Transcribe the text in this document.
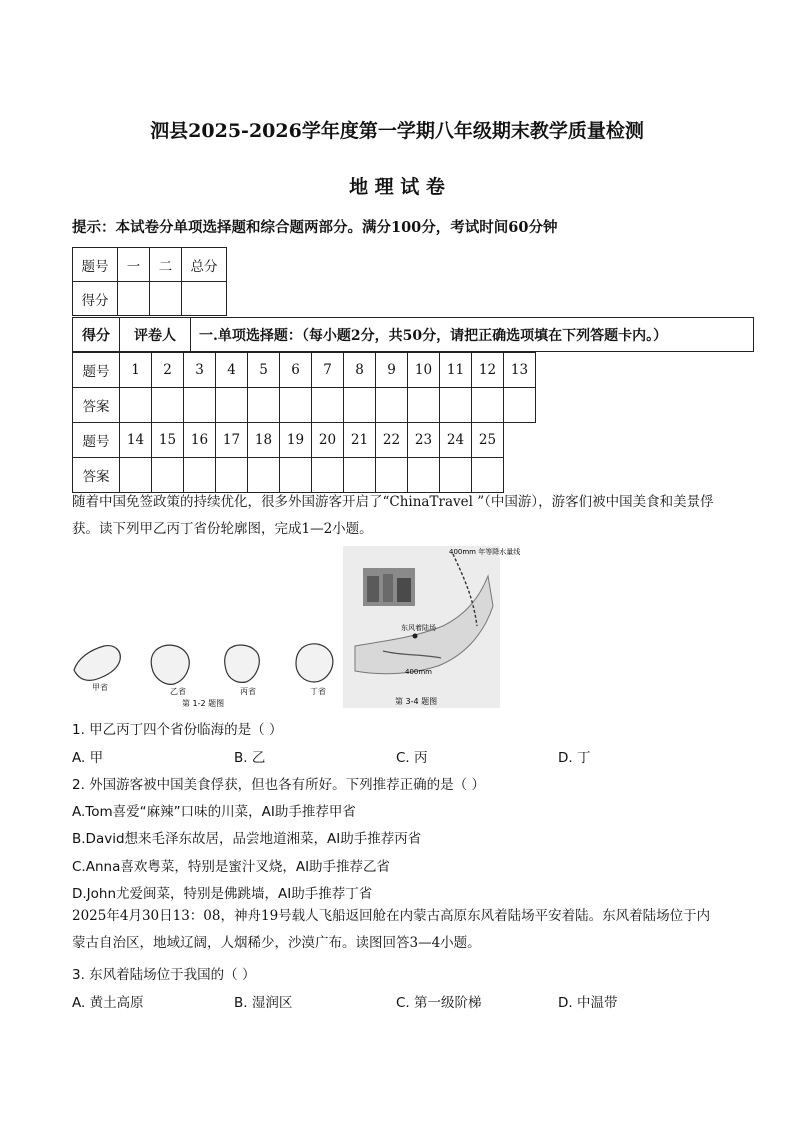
泗县2025-2026学年度第一学期八年级期末教学质量检测
地 理 试 卷
提示：本试卷分单项选择题和综合题两部分。满分100分，考试时间60分钟
题号	一	二	总分
得分			
得分	评卷人	一.单项选择题：（每小题2分，共50分，请把正确选项填在下列答题卡内。）
题号	1	2	3	4	5	6	7	8	9	10	11	12	13
答案													
题号	14	15	16	17	18	19	20	21	22	23	24	25	
答案													
随着中国免签政策的持续优化，很多外国游客开启了“ChinaTravel ”（中国游），游客们被中国美食和美景俘获。读下列甲乙丙丁省份轮廓图，完成1—2小题。
甲省	乙省	丙省	丁省
第 1-2 题图
400mm 年等降水量线
东风着陆场
400mm
第 3-4 题图
1. 甲乙丙丁四个省份临海的是（ ）
A. 甲	B. 乙	C. 丙	D. 丁
2. 外国游客被中国美食俘获，但也各有所好。下列推荐正确的是（ ）
A.Tom喜爱“麻辣”口味的川菜，AI助手推荐甲省
B.David想来毛泽东故居，品尝地道湘菜，AI助手推荐丙省
C.Anna喜欢粤菜，特别是蜜汁叉烧，AI助手推荐乙省
D.John尤爱闽菜，特别是佛跳墙，AI助手推荐丁省
2025年4月30日13：08，神舟19号载人飞船返回舱在内蒙古高原东风着陆场平安着陆。东风着陆场位于内蒙古自治区，地域辽阔，人烟稀少，沙漠广布。读图回答3—4小题。
3. 东风着陆场位于我国的（ ）
A. 黄土高原	B. 湿润区	C. 第一级阶梯	D. 中温带
